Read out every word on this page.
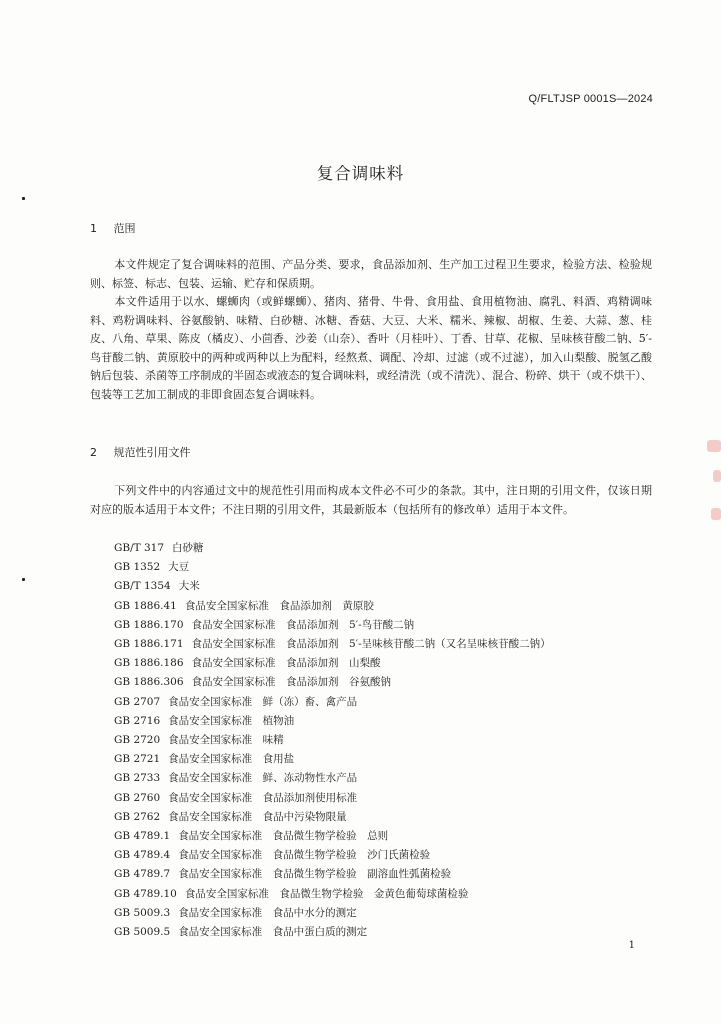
Q/FLTJSP 0001S—2024
复合调味料
1 范围
本文件规定了复合调味料的范围、产品分类、要求，食品添加剂、生产加工过程卫生要求，检验方法、检验规则、标签、标志、包装、运输、贮存和保质期。
本文件适用于以水、螺蛳肉（或鲜螺蛳）、猪肉、猪骨、牛骨、食用盐、食用植物油、腐乳、料酒、鸡精调味料、鸡粉调味料、谷氨酸钠、味精、白砂糖、冰糖、香菇、大豆、大米、糯米、辣椒、胡椒、生姜、大蒜、葱、桂皮、八角、草果、陈皮（橘皮）、小茴香、沙姜（山奈）、香叶（月桂叶）、丁香、甘草、花椒、呈味核苷酸二钠、5′-鸟苷酸二钠、黄原胶中的两种或两种以上为配料，经熬煮、调配、冷却、过滤（或不过滤），加入山梨酸、脱氢乙酸钠后包装、杀菌等工序制成的半固态或液态的复合调味料，或经清洗（或不清洗）、混合、粉碎、烘干（或不烘干）、包装等工艺加工制成的非即食固态复合调味料。
2 规范性引用文件
下列文件中的内容通过文中的规范性引用而构成本文件必不可少的条款。其中，注日期的引用文件，仅该日期对应的版本适用于本文件；不注日期的引用文件，其最新版本（包括所有的修改单）适用于本文件。
GB/T 317 白砂糖
GB 1352 大豆
GB/T 1354 大米
GB 1886.41 食品安全国家标准　食品添加剂　黄原胶
GB 1886.170 食品安全国家标准　食品添加剂　5′-鸟苷酸二钠
GB 1886.171 食品安全国家标准　食品添加剂　5′-呈味核苷酸二钠（又名呈味核苷酸二钠）
GB 1886.186 食品安全国家标准　食品添加剂　山梨酸
GB 1886.306 食品安全国家标准　食品添加剂　谷氨酸钠
GB 2707 食品安全国家标准　鲜（冻）畜、禽产品
GB 2716 食品安全国家标准　植物油
GB 2720 食品安全国家标准　味精
GB 2721 食品安全国家标准　食用盐
GB 2733 食品安全国家标准　鲜、冻动物性水产品
GB 2760 食品安全国家标准　食品添加剂使用标准
GB 2762 食品安全国家标准　食品中污染物限量
GB 4789.1 食品安全国家标准　食品微生物学检验　总则
GB 4789.4 食品安全国家标准　食品微生物学检验　沙门氏菌检验
GB 4789.7 食品安全国家标准　食品微生物学检验　副溶血性弧菌检验
GB 4789.10 食品安全国家标准　食品微生物学检验　金黄色葡萄球菌检验
GB 5009.3 食品安全国家标准　食品中水分的测定
GB 5009.5 食品安全国家标准　食品中蛋白质的测定
1
